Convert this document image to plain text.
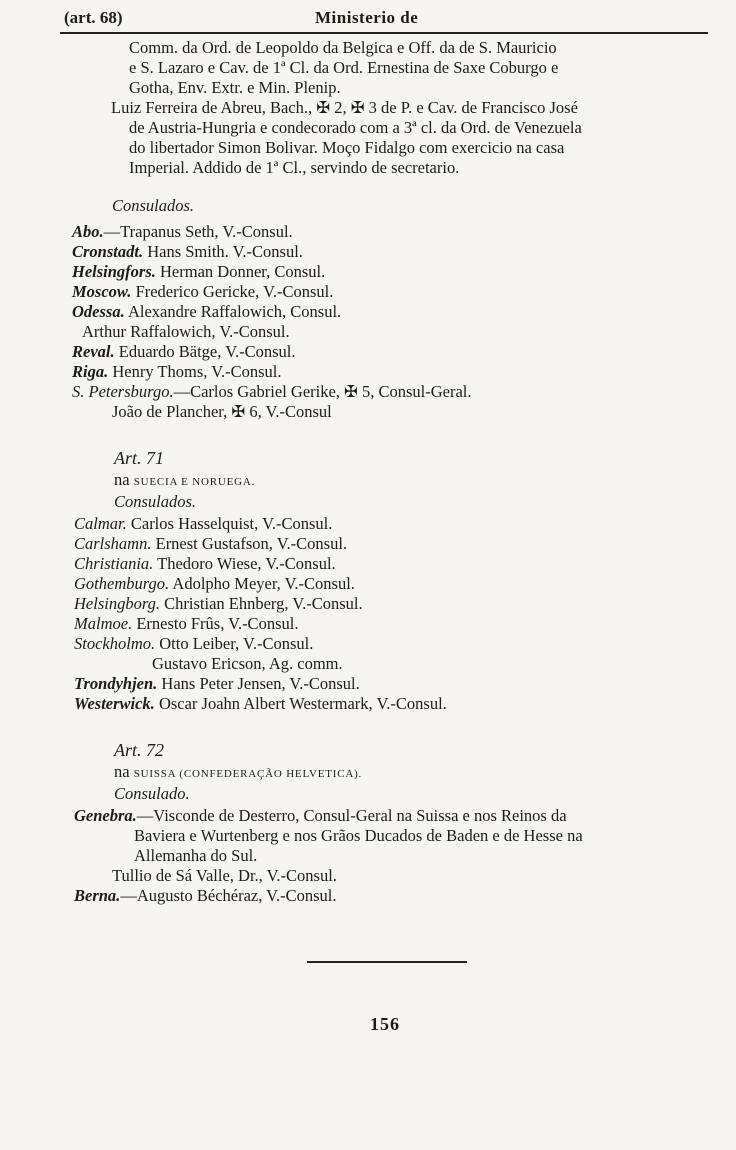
(art. 68)	Ministerio de
Comm. da Ord. de Leopoldo da Belgica e Off. da de S. Mauricio
e S. Lazaro e Cav. de 1ª Cl. da Ord. Ernestina de Saxe Coburgo e
Gotha, Env. Extr. e Min. Plenip.
Luiz Ferreira de Abreu, Bach., ✠ 2, ✠ 3 de P. e Cav. de Francisco José
de Austria-Hungria e condecorado com a 3ª cl. da Ord. de Venezuela
do libertador Simon Bolivar. Moço Fidalgo com exercicio na casa
Imperial. Addido de 1ª Cl., servindo de secretario.
Consulados.
Abo.—Trapanus Seth, V.-Consul.
Cronstadt. Hans Smith. V.-Consul.
Helsingfors. Herman Donner, Consul.
Moscow. Frederico Gericke, V.-Consul.
Odessa. Alexandre Raffalowich, Consul.
Arthur Raffalowich, V.-Consul.
Reval. Eduardo Bätge, V.-Consul.
Riga. Henry Thoms, V.-Consul.
S. Petersburgo.—Carlos Gabriel Gerike, ✠ 5, Consul-Geral.
João de Plancher, ✠ 6, V.-Consul
Art. 71
na SUECIA E NORUEGA.
Consulados.
Calmar. Carlos Hasselquist, V.-Consul.
Carlshamn. Ernest Gustafson, V.-Consul.
Christiania. Thedoro Wiese, V.-Consul.
Gothemburgo. Adolpho Meyer, V.-Consul.
Helsingborg. Christian Ehnberg, V.-Consul.
Malmoe. Ernesto Frûs, V.-Consul.
Stockholmo. Otto Leiber, V.-Consul.
Gustavo Ericson, Ag. comm.
Trondyhjen. Hans Peter Jensen, V.-Consul.
Westerwick. Oscar Joahn Albert Westermark, V.-Consul.
Art. 72
na SUISSA (CONFEDERAÇÃO HELVETICA).
Consulado.
Genebra.—Visconde de Desterro, Consul-Geral na Suissa e nos Reinos da
Baviera e Wurtenberg e nos Grãos Ducados de Baden e de Hesse na
Allemanha do Sul.
Tullio de Sá Valle, Dr., V.-Consul.
Berna.—Augusto Béchéraz, V.-Consul.
156
